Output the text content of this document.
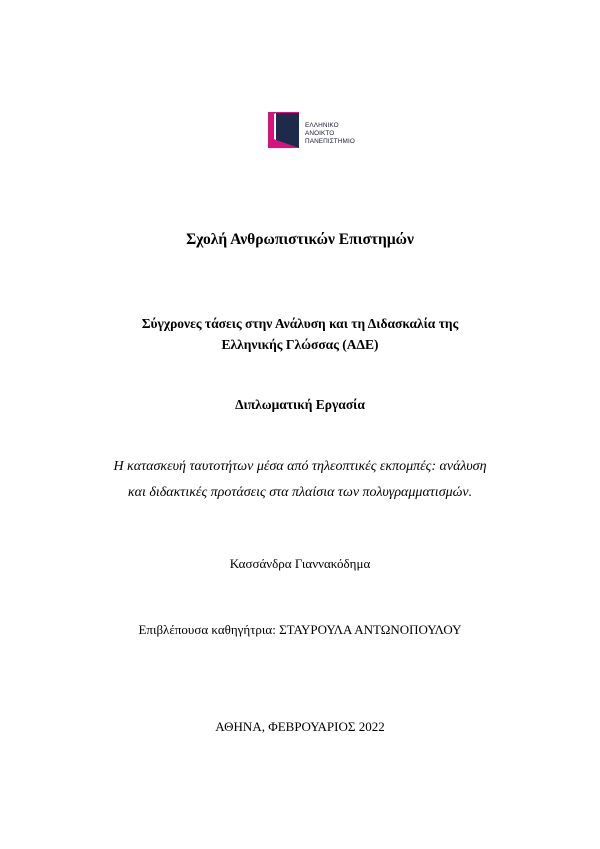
ΕΛΛΗΝΙΚΟ
ΑΝΟΙΚΤΟ
ΠΑΝΕΠΙΣΤΗΜΙΟ
Σχολή Ανθρωπιστικών Επιστημών
Σύγχρονες τάσεις στην Ανάλυση και τη Διδασκαλία της
Ελληνικής Γλώσσας (ΑΔΕ)
Διπλωματική Εργασία
Η κατασκευή ταυτοτήτων μέσα από τηλεοπτικές εκπομπές: ανάλυση
και διδακτικές προτάσεις στα πλαίσια των πολυγραμματισμών.
Κασσάνδρα Γιαννακόδημα
Επιβλέπουσα καθηγήτρια: ΣΤΑΥΡΟΥΛΑ ΑΝΤΩΝΟΠΟΥΛΟΥ
ΑΘΗΝΑ, ΦΕΒΡΟΥΑΡΙΟΣ 2022
